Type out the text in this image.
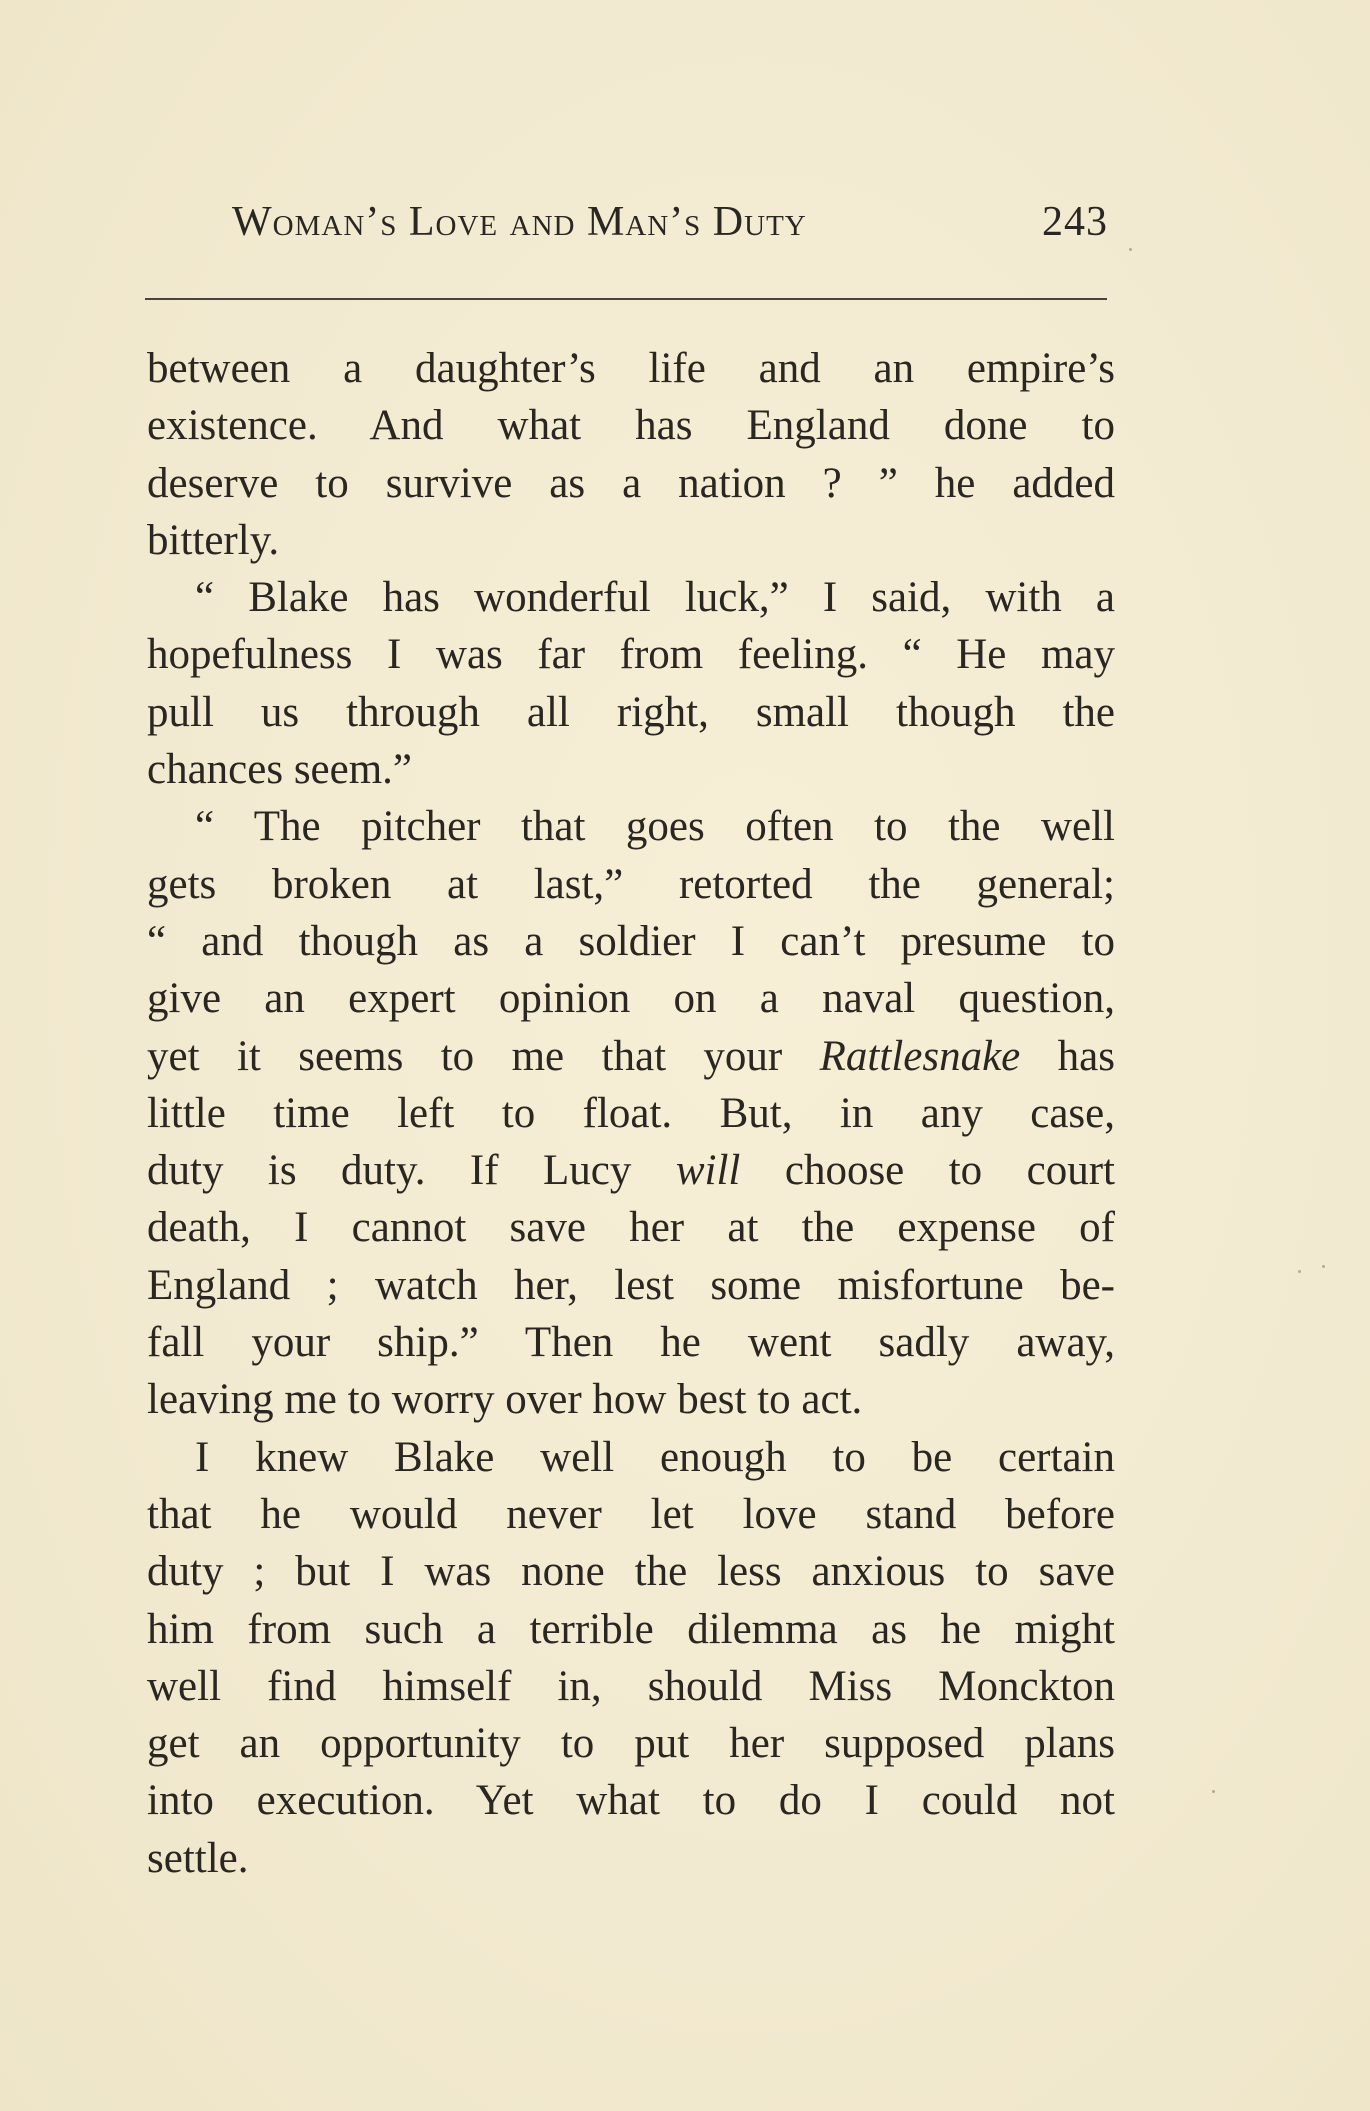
Woman’s Love and Man’s Duty	243
between a daughter’s life and an empire’s
existence. And what has England done to
deserve to survive as a nation ? ” he added
bitterly.
“ Blake has wonderful luck,” I said, with a
hopefulness I was far from feeling. “ He may
pull us through all right, small though the
chances seem.”
“ The pitcher that goes often to the well
gets broken at last,” retorted the general;
“ and though as a soldier I can’t presume to
give an expert opinion on a naval question,
yet it seems to me that your Rattlesnake has
little time left to float. But, in any case,
duty is duty. If Lucy will choose to court
death, I cannot save her at the expense of
England ; watch her, lest some misfortune be-
fall your ship.” Then he went sadly away,
leaving me to worry over how best to act.
I knew Blake well enough to be certain
that he would never let love stand before
duty ; but I was none the less anxious to save
him from such a terrible dilemma as he might
well find himself in, should Miss Monckton
get an opportunity to put her supposed plans
into execution. Yet what to do I could not
settle.
